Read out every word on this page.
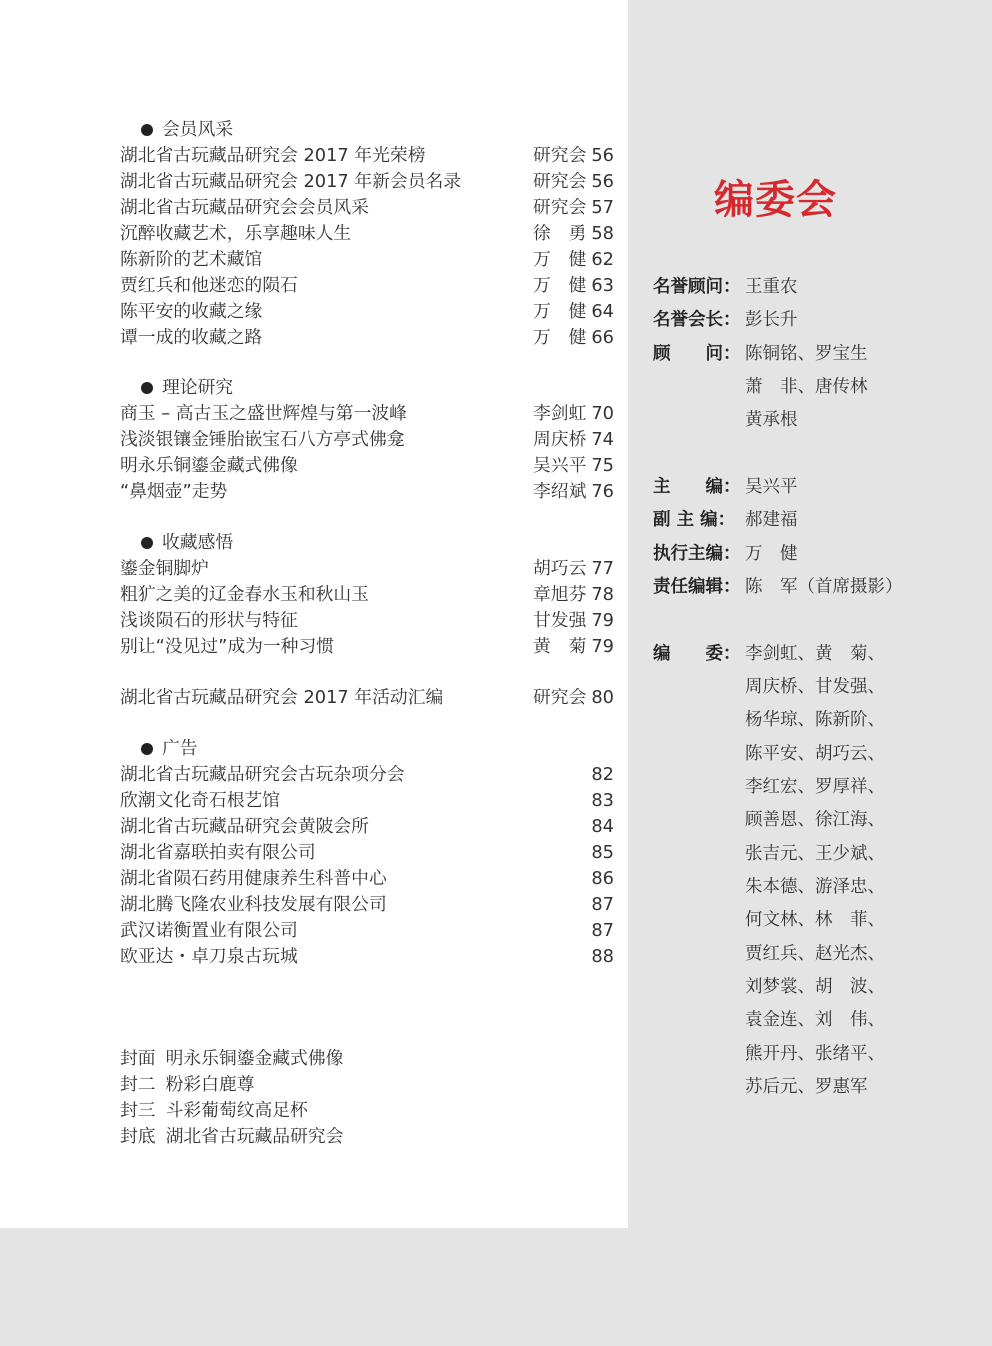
会员风采
湖北省古玩藏品研究会 2017 年光荣榜	研究会 56
湖北省古玩藏品研究会 2017 年新会员名录	研究会 56
湖北省古玩藏品研究会会员风采	研究会 57
沉醉收藏艺术，乐享趣味人生	徐　勇 58
陈新阶的艺术藏馆	万　健 62
贾红兵和他迷恋的陨石	万　健 63
陈平安的收藏之缘	万　健 64
谭一成的收藏之路	万　健 66
理论研究
商玉 – 高古玉之盛世辉煌与第一波峰	李剑虹 70
浅淡银镶金锤胎嵌宝石八方亭式佛龛	周庆桥 74
明永乐铜鎏金藏式佛像	吴兴平 75
“鼻烟壶”走势	李绍斌 76
收藏感悟
鎏金铜脚炉	胡巧云 77
粗犷之美的辽金春水玉和秋山玉	章旭芬 78
浅谈陨石的形状与特征	甘发强 79
别让“没见过”成为一种习惯	黄　菊 79
湖北省古玩藏品研究会 2017 年活动汇编	研究会 80
广告
湖北省古玩藏品研究会古玩杂项分会	82
欣潮文化奇石根艺馆	83
湖北省古玩藏品研究会黄陂会所	84
湖北省嘉联拍卖有限公司	85
湖北省陨石药用健康养生科普中心	86
湖北腾飞隆农业科技发展有限公司	87
武汉诺衡置业有限公司	87
欧亚达・卓刀泉古玩城	88
封面 明永乐铜鎏金藏式佛像
封二 粉彩白鹿尊
封三 斗彩葡萄纹高足杯
封底 湖北省古玩藏品研究会
编委会
名誉顾问： 王重农
名誉会长： 彭长升
顾　　问： 陈铜铭、罗宝生
萧　非、唐传林
黄承根
主　　编： 吴兴平
副 主 编： 郝建福
执行主编： 万　健
责任编辑： 陈　军（首席摄影）
编　　委： 李剑虹、黄　菊、
周庆桥、甘发强、
杨华琼、陈新阶、
陈平安、胡巧云、
李红宏、罗厚祥、
顾善恩、徐江海、
张吉元、王少斌、
朱本德、游泽忠、
何文林、林　菲、
贾红兵、赵光杰、
刘梦裳、胡　波、
袁金连、刘　伟、
熊开丹、张绪平、
苏后元、罗惠军
